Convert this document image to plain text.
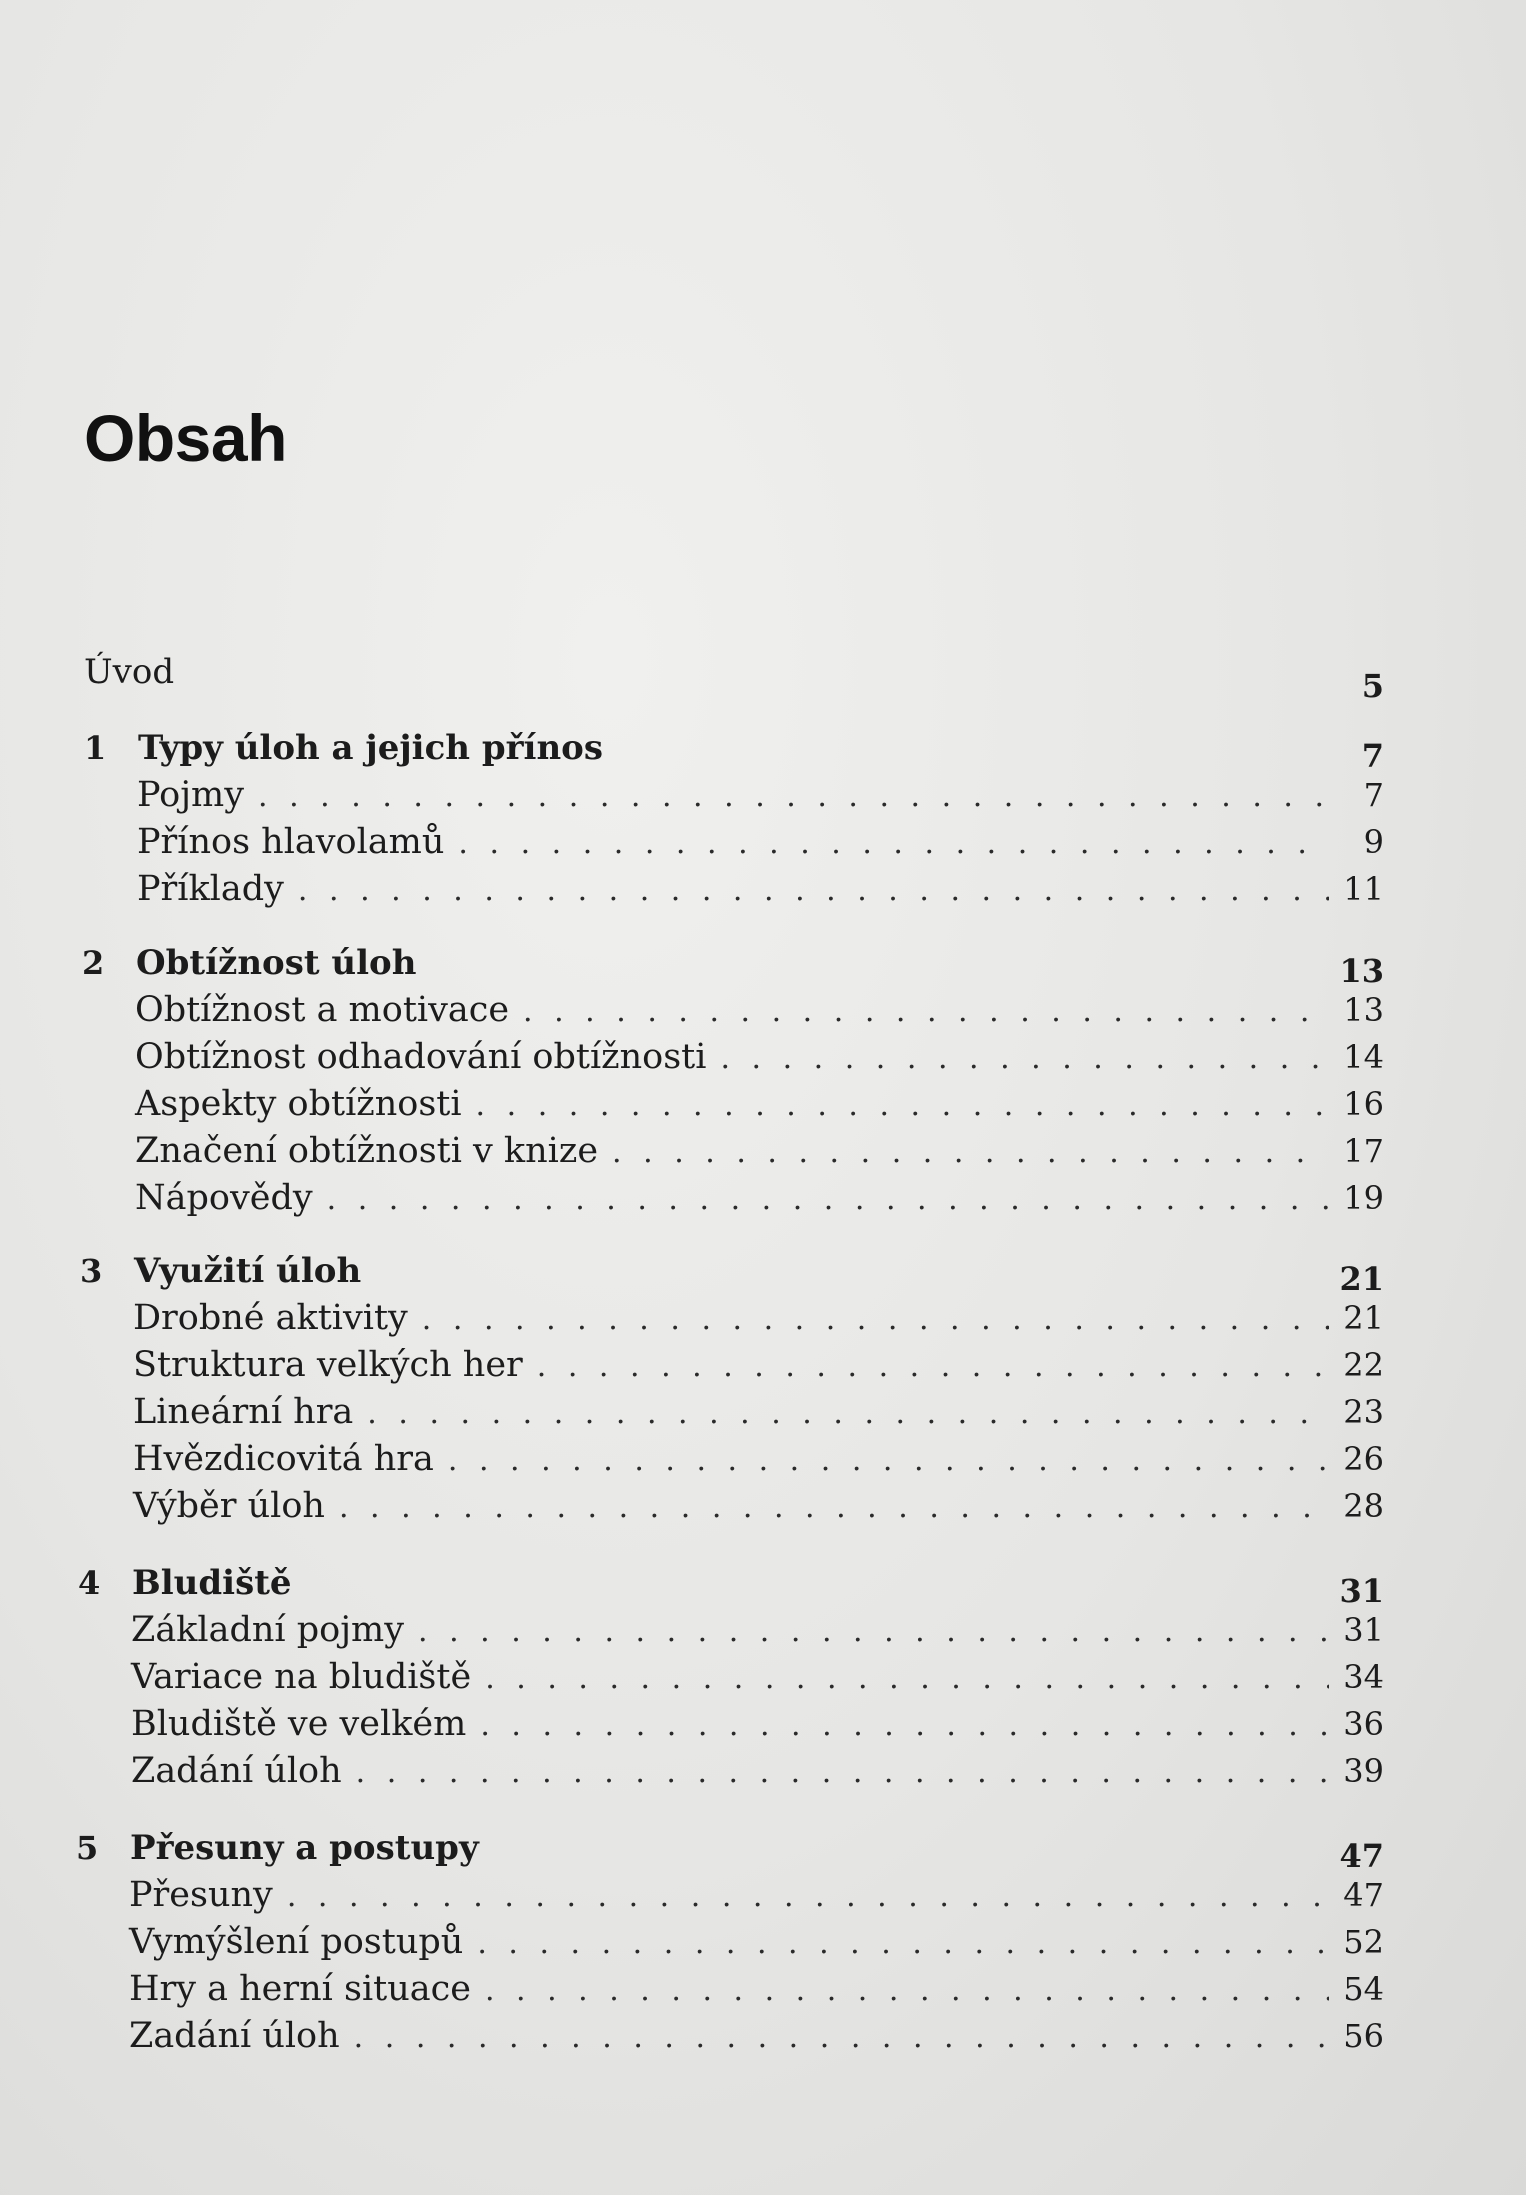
Obsah
Úvod	5
1 Typy úloh a jejich přínos	7
Pojmy . . .	7
Přínos hlavolamů . . .	9
Příklady . . .	11
2 Obtížnost úloh	13
Obtížnost a motivace . . .	13
Obtížnost odhadování obtížnosti . . .	14
Aspekty obtížnosti . . .	16
Značení obtížnosti v knize . . .	17
Nápovědy . . .	19
3 Využití úloh	21
Drobné aktivity . . .	21
Struktura velkých her . . .	22
Lineární hra . . .	23
Hvězdicovitá hra . . .	26
Výběr úloh . . .	28
4 Bludiště	31
Základní pojmy . . .	31
Variace na bludiště . . .	34
Bludiště ve velkém . . .	36
Zadání úloh . . .	39
5 Přesuny a postupy	47
Přesuny . . .	47
Vymýšlení postupů . . .	52
Hry a herní situace . . .	54
Zadání úloh . . .	56
